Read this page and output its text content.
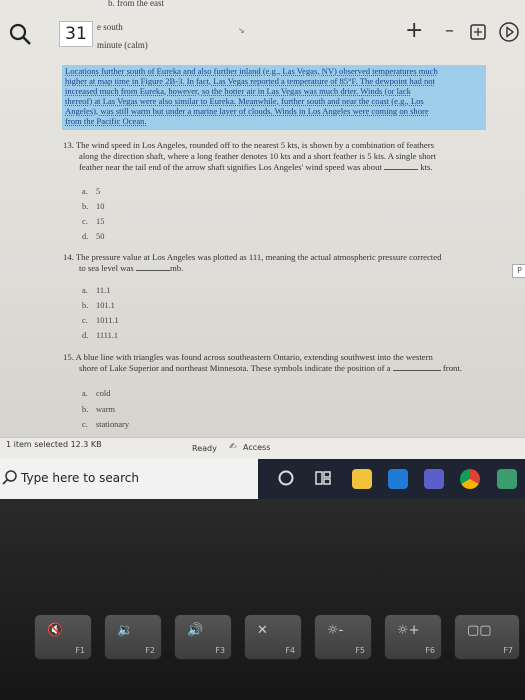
b. from the east
e south
minute (calm)
31	+ –
↘
Locations further south of Eureka and also further inland (e.g., Las Vegas, NV) observed temperatures much
higher at map time in Figure 2B-3. In fact, Las Vegas reported a temperature of 85°F. The dewpoint had not
increased much from Eureka, however, so the hotter air in Las Vegas was much drier. Winds (or lack
thereof) at Las Vegas were also similar to Eureka. Meanwhile, further south and near the coast (e.g., Los
Angeles), was still warm but under a marine layer of clouds. Winds in Los Angeles were coming on shore
from the Pacific Ocean.
13. The wind speed in Los Angeles, rounded off to the nearest 5 kts, is shown by a combination of feathers
along the direction shaft, where a long feather denotes 10 kts and a short feather is 5 kts. A single short
feather near the tail end of the arrow shaft signifies Los Angeles' wind speed was about	kts.
a. 5
b. 10
c. 15
d. 50
14. The pressure value at Los Angeles was plotted as 111, meaning the actual atmospheric pressure corrected
to sea level was	mb.
a. 11.1
b. 101.1
c. 1011.1
d. 1111.1
P
15. A blue line with triangles was found across southeastern Ontario, extending southwest into the western
shore of Lake Superior and northeast Minnesota. These symbols indicate the position of a	front.
a. cold
b. warm
c. stationary
1 item selected 12.3 KB	Ready ✍ Access
Type here to search
🔇
F1
🔉
F2
🔊
F3
✕
F4
☼-
F5
☼+
F6
▢▢
F7
